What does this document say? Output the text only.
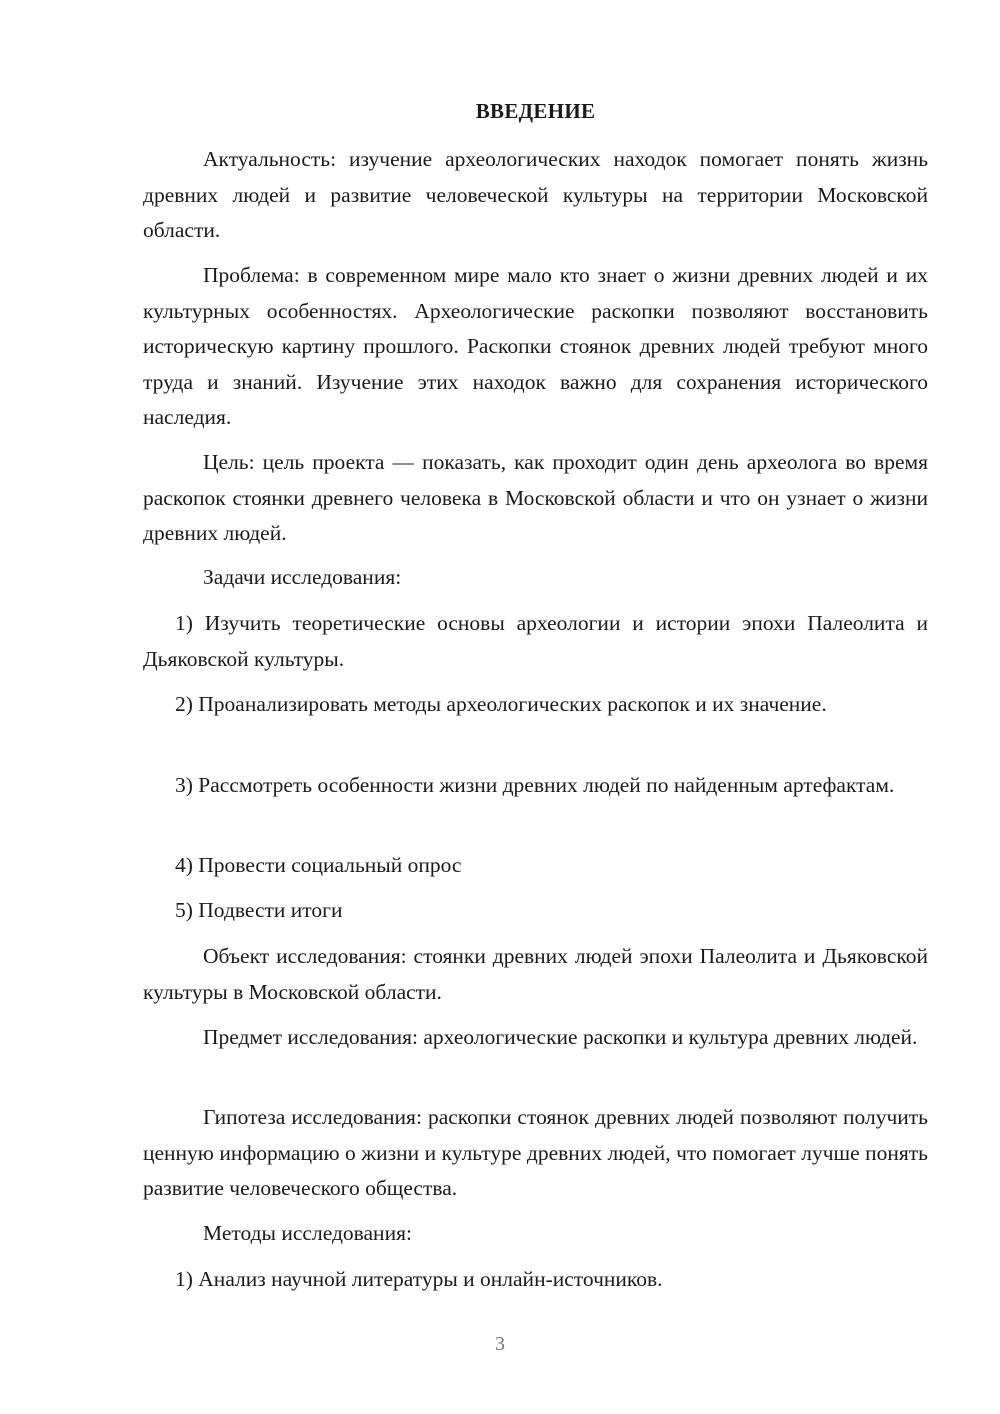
ВВЕДЕНИЕ

Актуальность: изучение археологических находок помогает понять жизнь древних людей и развитие человеческой культуры на территории Московской области.

Проблема: в современном мире мало кто знает о жизни древних людей и их культурных особенностях. Археологические раскопки позволяют восстановить историческую картину прошлого. Раскопки стоянок древних людей требуют много труда и знаний. Изучение этих находок важно для сохранения исторического наследия.

Цель: цель проекта — показать, как проходит один день археолога во время раскопок стоянки древнего человека в Московской области и что он узнает о жизни древних людей.

Задачи исследования:

1) Изучить теоретические основы археологии и истории эпохи Палеолита и Дьяковской культуры.

2) Проанализировать методы археологических раскопок и их значение.

3) Рассмотреть особенности жизни древних людей по найденным артефактам.

4) Провести социальный опрос

5) Подвести итоги

Объект исследования: стоянки древних людей эпохи Палеолита и Дьяковской культуры в Московской области.

Предмет исследования: археологические раскопки и культура древних людей.

Гипотеза исследования: раскопки стоянок древних людей позволяют получить ценную информацию о жизни и культуре древних людей, что помогает лучше понять развитие человеческого общества.

Методы исследования:

1) Анализ научной литературы и онлайн-источников.

3
